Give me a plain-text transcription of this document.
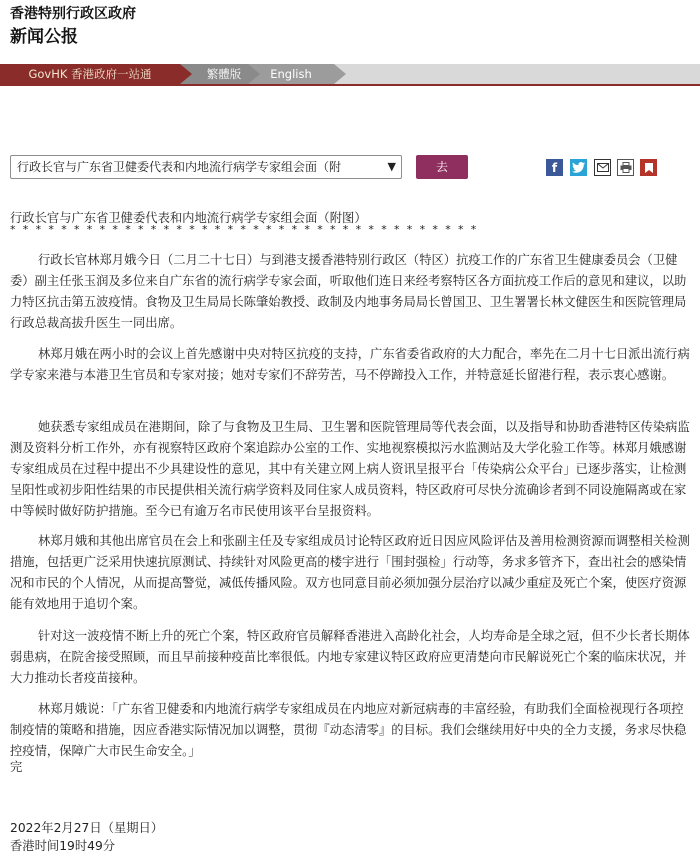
香港特别行政区政府
新闻公报
GovHK 香港政府一站通	繁體版	English
行政长官与广东省卫健委代表和内地流行病学专家组会面（附	▼	去	f
行政长官与广东省卫健委代表和内地流行病学专家组会面（附图）
*************************************

行政长官林郑月娥今日（二月二十七日）与到港支援香港特别行政区（特区）抗疫工作的广东省卫生健康委员会（卫健委）副主任张玉润及多位来自广东省的流行病学专家会面，听取他们连日来经考察特区各方面抗疫工作后的意见和建议，以助力特区抗击第五波疫情。食物及卫生局局长陈肇始教授、政制及内地事务局局长曾国卫、卫生署署长林文健医生和医院管理局行政总裁高拔升医生一同出席。

林郑月娥在两小时的会议上首先感谢中央对特区抗疫的支持，广东省委省政府的大力配合，率先在二月十七日派出流行病学专家来港与本港卫生官员和专家对接；她对专家们不辞劳苦，马不停蹄投入工作，并特意延长留港行程，表示衷心感谢。

她获悉专家组成员在港期间，除了与食物及卫生局、卫生署和医院管理局等代表会面，以及指导和协助香港特区传染病监测及资料分析工作外，亦有视察特区政府个案追踪办公室的工作、实地视察模拟污水监测站及大学化验工作等。林郑月娥感谢专家组成员在过程中提出不少具建设性的意见，其中有关建立网上病人资讯呈报平台「传染病公众平台」已逐步落实，让检测呈阳性或初步阳性结果的市民提供相关流行病学资料及同住家人成员资料，特区政府可尽快分流确诊者到不同设施隔离或在家中等候时做好防护措施。至今已有逾万名市民使用该平台呈报资料。

林郑月娥和其他出席官员在会上和张副主任及专家组成员讨论特区政府近日因应风险评估及善用检测资源而调整相关检测措施，包括更广泛采用快速抗原测试、持续针对风险更高的楼宇进行「围封强检」行动等，务求多管齐下，查出社会的感染情况和市民的个人情况，从而提高警觉，减低传播风险。双方也同意目前必须加强分层治疗以减少重症及死亡个案，使医疗资源能有效地用于追切个案。

针对这一波疫情不断上升的死亡个案，特区政府官员解释香港进入高龄化社会，人均寿命是全球之冠，但不少长者长期体弱患病，在院舍接受照顾，而且早前接种疫苗比率很低。内地专家建议特区政府应更清楚向市民解说死亡个案的临床状况，并大力推动长者疫苗接种。

林郑月娥说：「广东省卫健委和内地流行病学专家组成员在内地应对新冠病毒的丰富经验，有助我们全面检视现行各项控制疫情的策略和措施，因应香港实际情况加以调整，贯彻『动态清零』的目标。我们会继续用好中央的全力支援，务求尽快稳控疫情，保障广大市民生命安全。」

完
2022年2月27日（星期日）
香港时间19时49分
